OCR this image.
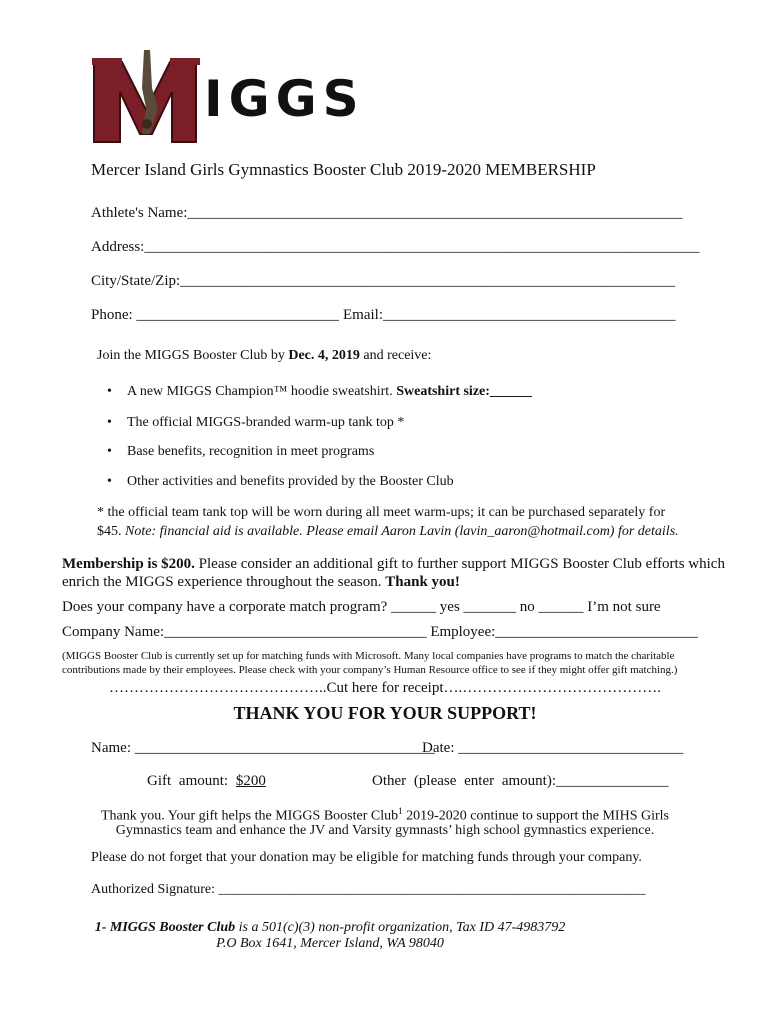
IGGS
Mercer Island Girls Gymnastics Booster Club 2019-2020 MEMBERSHIP
Athlete's Name:__________________________________________________________________
Address:__________________________________________________________________________
City/State/Zip:__________________________________________________________________
Phone: ___________________________ Email:_______________________________________
Join the MIGGS Booster Club by Dec. 4, 2019 and receive:
• A new MIGGS Champion™ hoodie sweatshirt. Sweatshirt size:______
• The official MIGGS-branded warm-up tank top *
• Base benefits, recognition in meet programs
• Other activities and benefits provided by the Booster Club
* the official team tank top will be worn during all meet warm-ups; it can be purchased separately for
$45. Note: financial aid is available. Please email Aaron Lavin (lavin_aaron@hotmail.com) for details.
Membership is $200. Please consider an additional gift to further support MIGGS Booster Club efforts which
enrich the MIGGS experience throughout the season. Thank you!
Does your company have a corporate match program? ______ yes _______ no ______ I’m not sure
Company Name:___________________________________ Employee:___________________________
(MIGGS Booster Club is currently set up for matching funds with Microsoft. Many local companies have programs to match the charitable
contributions made by their employees. Please check with your company’s Human Resource office to see if they might offer gift matching.)
……………………………………..Cut here for receipt….………………………………….
THANK YOU FOR YOUR SUPPORT!
Name: ________________________________________
Date: ______________________________
Gift amount: $200	Other (please enter amount):_______________
Thank you. Your gift helps the MIGGS Booster Club$^1$ 2019-2020 continue to support the MIHS Girls
Gymnastics team and enhance the JV and Varsity gymnasts’ high school gymnastics experience.
Please do not forget that your donation may be eligible for matching funds through your company.
Authorized Signature: _____________________________________________________________
1- MIGGS Booster Club is a 501(c)(3) non-profit organization, Tax ID 47-4983792
P.O Box 1641, Mercer Island, WA 98040
